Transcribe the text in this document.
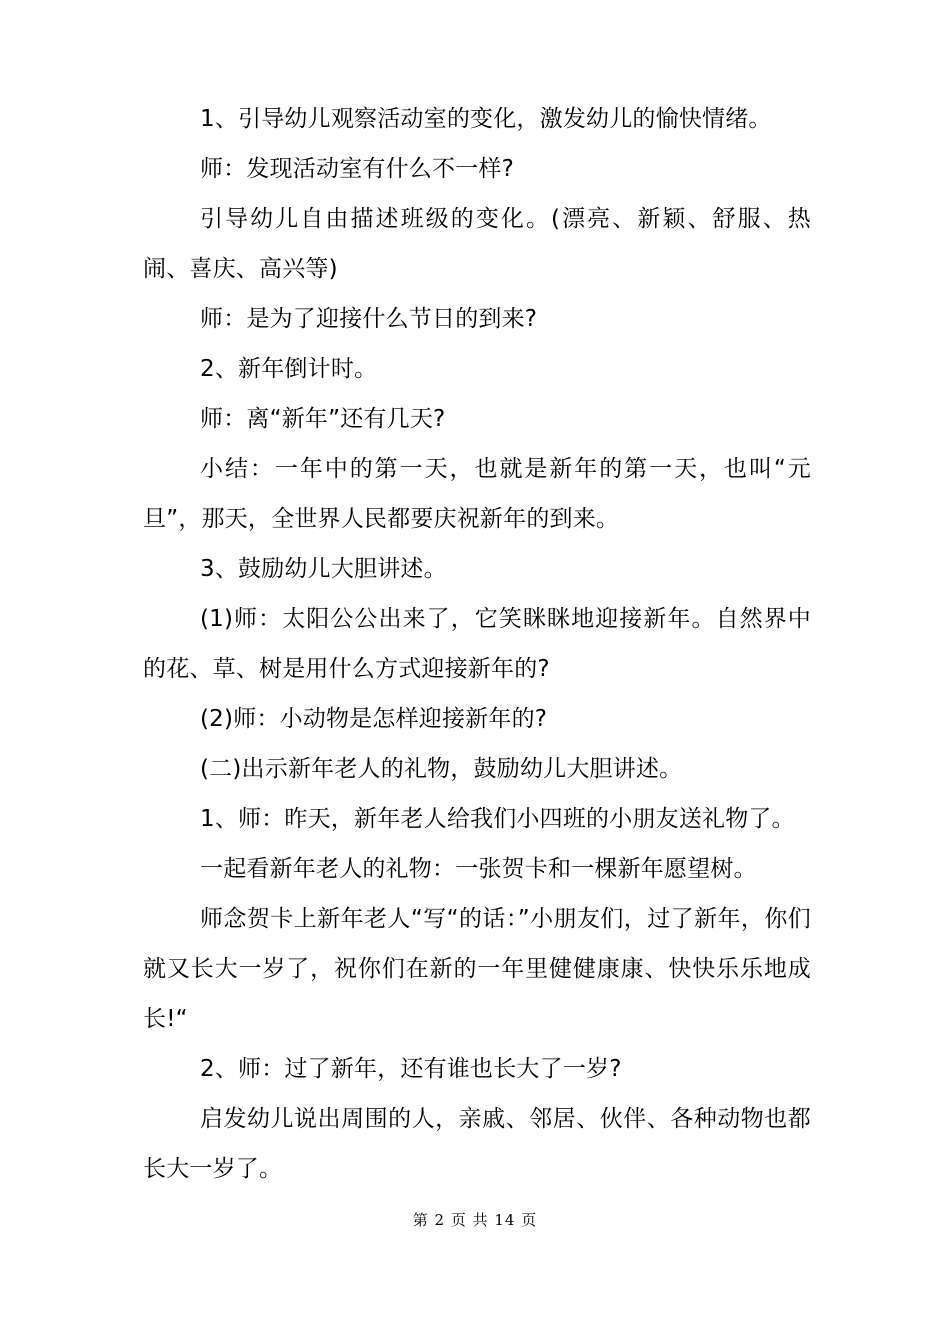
1、引导幼儿观察活动室的变化，激发幼儿的愉快情绪。

师：发现活动室有什么不一样?

引导幼儿自由描述班级的变化。(漂亮、新颖、舒服、热闹、喜庆、高兴等)

师：是为了迎接什么节日的到来?

2、新年倒计时。

师：离“新年”还有几天?

小结：一年中的第一天，也就是新年的第一天，也叫“元旦”，那天，全世界人民都要庆祝新年的到来。

3、鼓励幼儿大胆讲述。

(1)师：太阳公公出来了，它笑眯眯地迎接新年。自然界中的花、草、树是用什么方式迎接新年的?

(2)师：小动物是怎样迎接新年的?

(二)出示新年老人的礼物，鼓励幼儿大胆讲述。

1、师：昨天，新年老人给我们小四班的小朋友送礼物了。

一起看新年老人的礼物：一张贺卡和一棵新年愿望树。

师念贺卡上新年老人“写“的话：”小朋友们，过了新年，你们就又长大一岁了，祝你们在新的一年里健健康康、快快乐乐地成长!“

2、师：过了新年，还有谁也长大了一岁?

启发幼儿说出周围的人，亲戚、邻居、伙伴、各种动物也都长大一岁了。

第 2 页 共 14 页
